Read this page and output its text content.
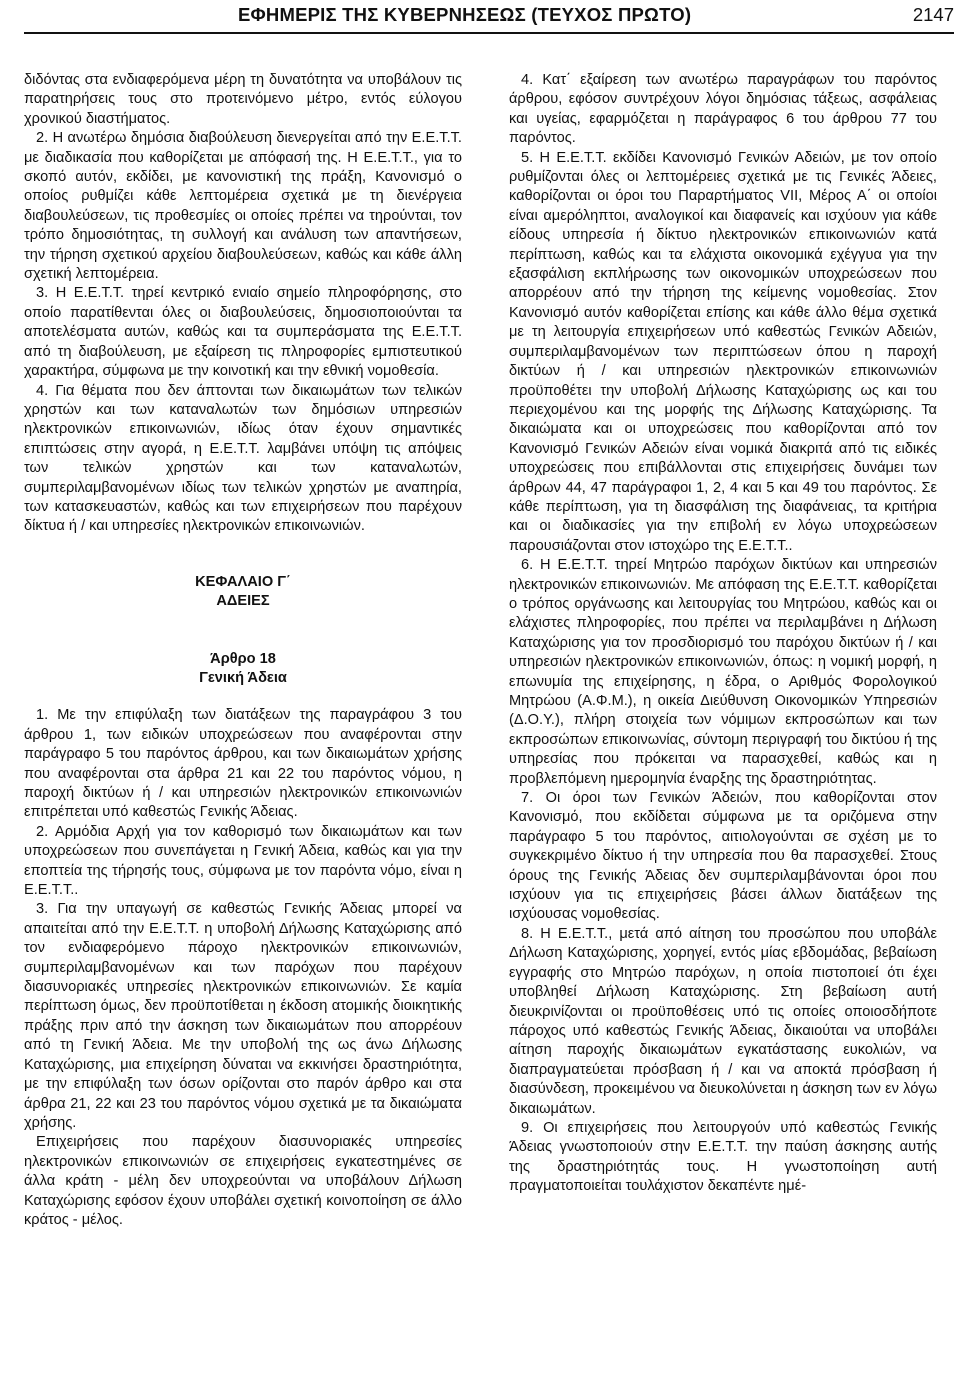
ΕΦΗΜΕΡΙΣ ΤΗΣ ΚΥΒΕΡΝΗΣΕΩΣ (ΤΕΥΧΟΣ ΠΡΩΤΟ)	2147

διδόντας στα ενδιαφερόμενα μέρη τη δυνατότητα να υποβάλουν τις παρατηρήσεις τους στο προτεινόμενο μέτρο, εντός εύλογου χρονικού διαστήματος.

2. Η ανωτέρω δημόσια διαβούλευση διενεργείται από την Ε.Ε.Τ.Τ. με διαδικασία που καθορίζεται με απόφασή της. Η Ε.Ε.Τ.Τ., για το σκοπό αυτόν, εκδίδει, με κανονιστική της πράξη, Κανονισμό ο οποίος ρυθμίζει κάθε λεπτομέρεια σχετικά με τη διενέργεια διαβουλεύσεων, τις προθεσμίες οι οποίες πρέπει να τηρούνται, τον τρόπο δημοσιότητας, τη συλλογή και ανάλυση των απαντήσεων, την τήρηση σχετικού αρχείου διαβουλεύσεων, καθώς και κάθε άλλη σχετική λεπτομέρεια.

3. Η Ε.Ε.Τ.Τ. τηρεί κεντρικό ενιαίο σημείο πληροφόρησης, στο οποίο παρατίθενται όλες οι διαβουλεύσεις, δημοσιοποιούνται τα αποτελέσματα αυτών, καθώς και τα συμπεράσματα της Ε.Ε.Τ.Τ. από τη διαβούλευση, με εξαίρεση τις πληροφορίες εμπιστευτικού χαρακτήρα, σύμφωνα με την κοινοτική και την εθνική νομοθεσία.

4. Για θέματα που δεν άπτονται των δικαιωμάτων των τελικών χρηστών και των καταναλωτών των δημόσιων υπηρεσιών ηλεκτρονικών επικοινωνιών, ιδίως όταν έχουν σημαντικές επιπτώσεις στην αγορά, η Ε.Ε.Τ.Τ. λαμβάνει υπόψη τις απόψεις των τελικών χρηστών και των καταναλωτών, συμπεριλαμβανομένων ιδίως των τελικών χρηστών με αναπηρία, των κατασκευαστών, καθώς και των επιχειρήσεων που παρέχουν δίκτυα ή / και υπηρεσίες ηλεκτρονικών επικοινωνιών.

ΚΕΦΑΛΑΙΟ Γ΄

ΑΔΕΙΕΣ

Άρθρο 18

Γενική Άδεια

1. Με την επιφύλαξη των διατάξεων της παραγράφου 3 του άρθρου 1, των ειδικών υποχρεώσεων που αναφέρονται στην παράγραφο 5 του παρόντος άρθρου, και των δικαιωμάτων χρήσης που αναφέρονται στα άρθρα 21 και 22 του παρόντος νόμου, η παροχή δικτύων ή / και υπηρεσιών ηλεκτρονικών επικοινωνιών επιτρέπεται υπό καθεστώς Γενικής Άδειας.

2. Αρμόδια Αρχή για τον καθορισμό των δικαιωμάτων και των υποχρεώσεων που συνεπάγεται η Γενική Άδεια, καθώς και για την εποπτεία της τήρησής τους, σύμφωνα με τον παρόντα νόμο, είναι η Ε.Ε.Τ.Τ..

3. Για την υπαγωγή σε καθεστώς Γενικής Άδειας μπορεί να απαιτείται από την Ε.Ε.Τ.Τ. η υποβολή Δήλωσης Καταχώρισης από τον ενδιαφερόμενο πάροχο ηλεκτρονικών επικοινωνιών, συμπεριλαμβανομένων και των παρόχων που παρέχουν διασυνοριακές υπηρεσίες ηλεκτρονικών επικοινωνιών. Σε καμία περίπτωση όμως, δεν προϋποτίθεται η έκδοση ατομικής διοικητικής πράξης πριν από την άσκηση των δικαιωμάτων που απορρέουν από τη Γενική Άδεια. Με την υποβολή της ως άνω Δήλωσης Καταχώρισης, μια επιχείρηση δύναται να εκκινήσει δραστηριότητα, με την επιφύλαξη των όσων ορίζονται στο παρόν άρθρο και στα άρθρα 21, 22 και 23 του παρόντος νόμου σχετικά με τα δικαιώματα χρήσης.

Επιχειρήσεις που παρέχουν διασυνοριακές υπηρεσίες ηλεκτρονικών επικοινωνιών σε επιχειρήσεις εγκατεστημένες σε άλλα κράτη - μέλη δεν υποχρεούνται να υποβάλουν Δήλωση Καταχώρισης εφόσον έχουν υποβάλει σχετική κοινοποίηση σε άλλο κράτος - μέλος.

4. Κατ΄ εξαίρεση των ανωτέρω παραγράφων του παρόντος άρθρου, εφόσον συντρέχουν λόγοι δημόσιας τάξεως, ασφάλειας και υγείας, εφαρμόζεται η παράγραφος 6 του άρθρου 77 του παρόντος.

5. Η Ε.Ε.Τ.Τ. εκδίδει Κανονισμό Γενικών Αδειών, με τον οποίο ρυθμίζονται όλες οι λεπτομέρειες σχετικά με τις Γενικές Άδειες, καθορίζονται οι όροι του Παραρτήματος VII, Μέρος Α΄ οι οποίοι είναι αμερόληπτοι, αναλογικοί και διαφανείς και ισχύουν για κάθε είδους υπηρεσία ή δίκτυο ηλεκτρονικών επικοινωνιών κατά περίπτωση, καθώς και τα ελάχιστα οικονομικά εχέγγυα για την εξασφάλιση εκπλήρωσης των οικονομικών υποχρεώσεων που απορρέουν από την τήρηση της κείμενης νομοθεσίας. Στον Κανονισμό αυτόν καθορίζεται επίσης και κάθε άλλο θέμα σχετικά με τη λειτουργία επιχειρήσεων υπό καθεστώς Γενικών Αδειών, συμπεριλαμβανομένων των περιπτώσεων όπου η παροχή δικτύων ή / και υπηρεσιών ηλεκτρονικών επικοινωνιών προϋποθέτει την υποβολή Δήλωσης Καταχώρισης ως και του περιεχομένου και της μορφής της Δήλωσης Καταχώρισης. Τα δικαιώματα και οι υποχρεώσεις που καθορίζονται από τον Κανονισμό Γενικών Αδειών είναι νομικά διακριτά από τις ειδικές υποχρεώσεις που επιβάλλονται στις επιχειρήσεις δυνάμει των άρθρων 44, 47 παράγραφοι 1, 2, 4 και 5 και 49 του παρόντος. Σε κάθε περίπτωση, για τη διασφάλιση της διαφάνειας, τα κριτήρια και οι διαδικασίες για την επιβολή εν λόγω υποχρεώσεων παρουσιάζονται στον ιστοχώρο της Ε.Ε.Τ.Τ..

6. Η Ε.Ε.Τ.Τ. τηρεί Μητρώο παρόχων δικτύων και υπηρεσιών ηλεκτρονικών επικοινωνιών. Με απόφαση της Ε.Ε.Τ.Τ. καθορίζεται ο τρόπος οργάνωσης και λειτουργίας του Μητρώου, καθώς και οι ελάχιστες πληροφορίες, που πρέπει να περιλαμβάνει η Δήλωση Καταχώρισης για τον προσδιορισμό του παρόχου δικτύων ή / και υπηρεσιών ηλεκτρονικών επικοινωνιών, όπως: η νομική μορφή, η επωνυμία της επιχείρησης, η έδρα, ο Αριθμός Φορολογικού Μητρώου (Α.Φ.Μ.), η οικεία Διεύθυνση Οικονομικών Υπηρεσιών (Δ.Ο.Υ.), πλήρη στοιχεία των νόμιμων εκπροσώπων και των εκπροσώπων επικοινωνίας, σύντομη περιγραφή του δικτύου ή της υπηρεσίας που πρόκειται να παρασχεθεί, καθώς και η προβλεπόμενη ημερομηνία έναρξης της δραστηριότητας.

7. Οι όροι των Γενικών Άδειών, που καθορίζονται στον Κανονισμό, που εκδίδεται σύμφωνα με τα οριζόμενα στην παράγραφο 5 του παρόντος, αιτιολογούνται σε σχέση με το συγκεκριμένο δίκτυο ή την υπηρεσία που θα παρασχεθεί. Στους όρους της Γενικής Άδειας δεν συμπεριλαμβάνονται όροι που ισχύουν για τις επιχειρήσεις βάσει άλλων διατάξεων της ισχύουσας νομοθεσίας.

8. Η Ε.Ε.Τ.Τ., μετά από αίτηση του προσώπου που υποβάλε Δήλωση Καταχώρισης, χορηγεί, εντός μίας εβδομάδας, βεβαίωση εγγραφής στο Μητρώο παρόχων, η οποία πιστοποιεί ότι έχει υποβληθεί Δήλωση Καταχώρισης. Στη βεβαίωση αυτή διευκρινίζονται οι προϋποθέσεις υπό τις οποίες οποιοσδήποτε πάροχος υπό καθεστώς Γενικής Άδειας, δικαιούται να υποβάλει αίτηση παροχής δικαιωμάτων εγκατάστασης ευκολιών, να διαπραγματεύεται πρόσβαση ή / και να αποκτά πρόσβαση ή διασύνδεση, προκειμένου να διευκολύνεται η άσκηση των εν λόγω δικαιωμάτων.

9. Οι επιχειρήσεις που λειτουργούν υπό καθεστώς Γενικής Άδειας γνωστοποιούν στην Ε.Ε.Τ.Τ. την παύση άσκησης αυτής της δραστηριότητάς τους. Η γνωστοποίηση αυτή πραγματοποιείται τουλάχιστον δεκαπέντε ημέ-
